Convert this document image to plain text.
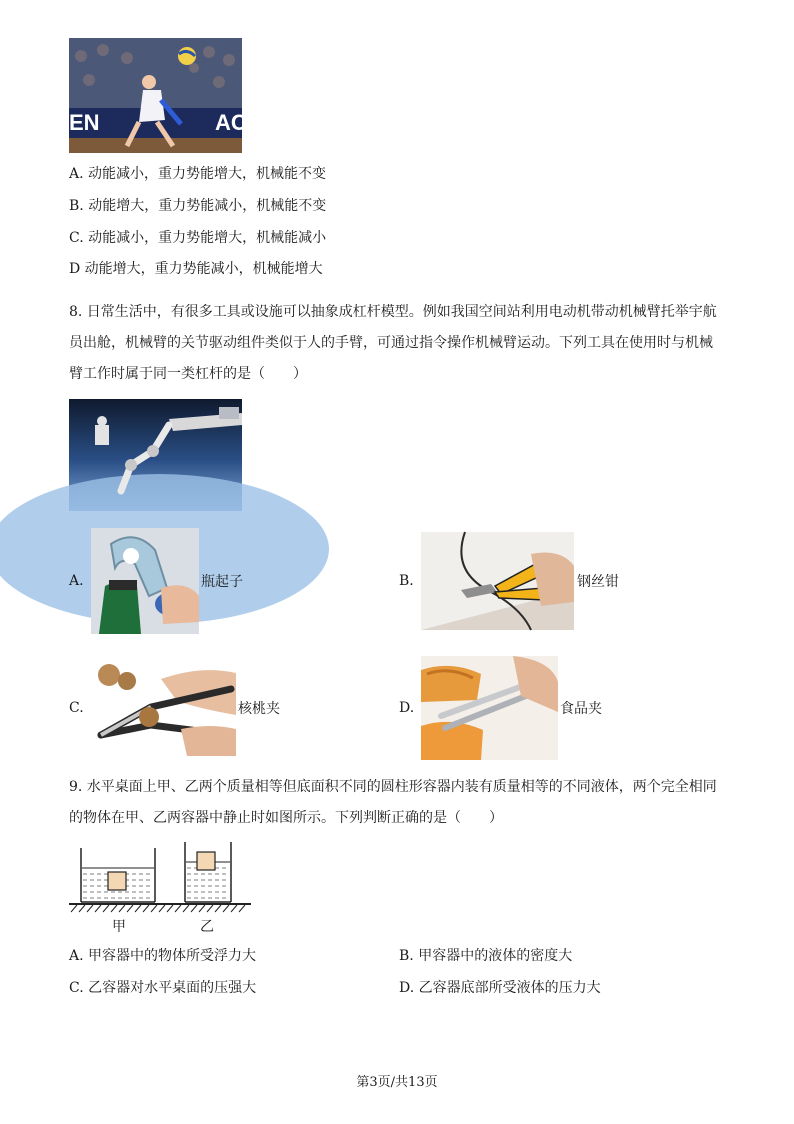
EN	AC
A. 动能减小，重力势能增大，机械能不变
B. 动能增大，重力势能减小，机械能不变
C. 动能减小，重力势能增大，机械能减小
D 动能增大，重力势能减小，机械能增大
8. 日常生活中，有很多工具或设施可以抽象成杠杆模型。例如我国空间站利用电动机带动机械臂托举宇航
员出舱，机械臂的关节驱动组件类似于人的手臂，可通过指令操作机械臂运动。下列工具在使用时与机械
臂工作时属于同一类杠杆的是（　　）
A.	瓶起子	B.	钢丝钳
C.	核桃夹	D.	食品夹
9. 水平桌面上甲、乙两个质量相等但底面积不同的圆柱形容器内装有质量相等的不同液体，两个完全相同
的物体在甲、乙两容器中静止时如图所示。下列判断正确的是（　　）
甲	乙
A. 甲容器中的物体所受浮力大	B. 甲容器中的液体的密度大
C. 乙容器对水平桌面的压强大	D. 乙容器底部所受液体的压力大
第3页/共13页
